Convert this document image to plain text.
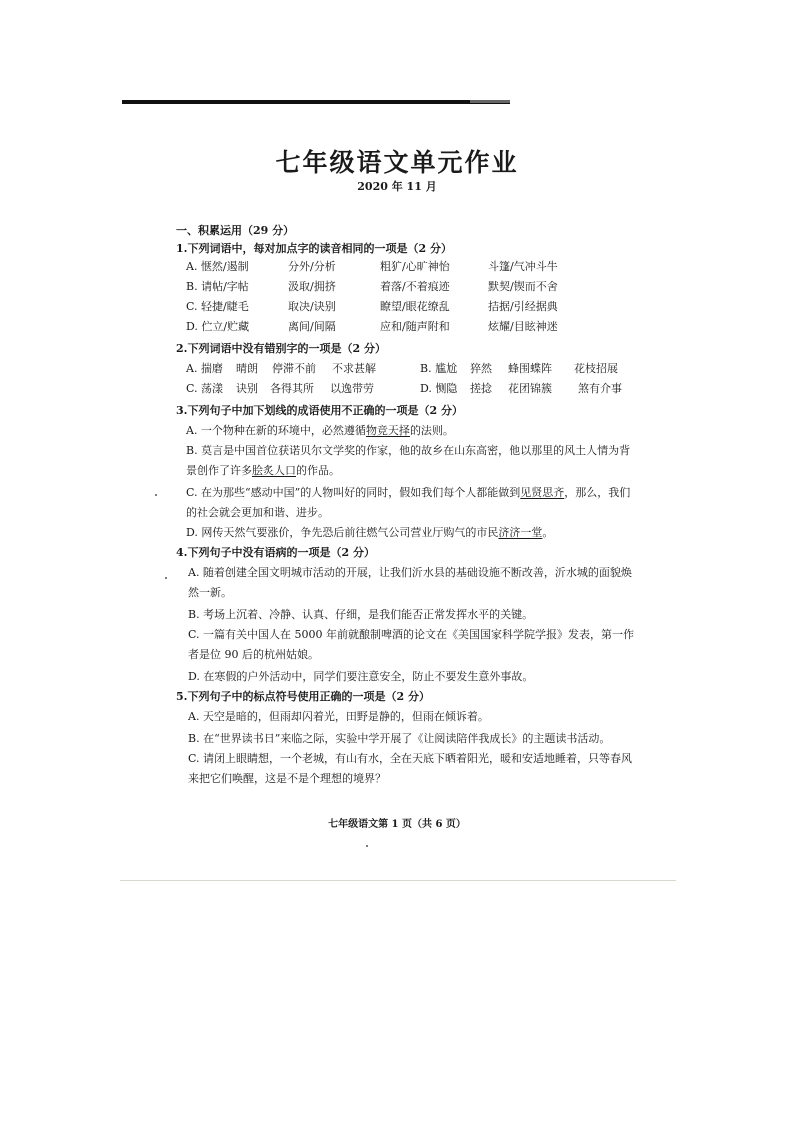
七年级语文单元作业
2020 年 11 月
一、积累运用（29 分）
1.下列词语中，每对加点字的读音相同的一项是（2 分）
A. 惬然/遏制	分外/分析	粗犷/心旷神怡	斗篷/气冲斗牛
B. 请帖/字帖	汲取/拥挤	着落/不着痕迹	默契/锲而不舍
C. 轻捷/睫毛	取决/诀别	瞭望/眼花缭乱	拮据/引经据典
D. 伫立/贮藏	离间/间隔	应和/随声附和	炫耀/目眩神迷
2.下列词语中没有错别字的一项是（2 分）
A. 揣磨 晴朗 停滞不前 不求甚解	B. 尴尬 猝然 蜂围蝶阵 花枝招展
C. 荡漾 诀别 各得其所 以逸带劳	D. 恻隐 搓捻 花团锦簇 煞有介事
3.下列句子中加下划线的成语使用不正确的一项是（2 分）
A. 一个物种在新的环境中，必然遵循物竞天择的法则。
B. 莫言是中国首位获诺贝尔文学奖的作家，他的故乡在山东高密，他以那里的风土人情为背
景创作了许多脍炙人口的作品。
C. 在为那些“感动中国”的人物叫好的同时，假如我们每个人都能做到见贤思齐，那么，我们
的社会就会更加和谐、进步。
D. 网传天然气要涨价，争先恐后前往燃气公司营业厅购气的市民济济一堂。
4.下列句子中没有语病的一项是（2 分）
A. 随着创建全国文明城市活动的开展，让我们沂水县的基础设施不断改善，沂水城的面貌焕
然一新。
B. 考场上沉着、冷静、认真、仔细，是我们能否正常发挥水平的关键。
C. 一篇有关中国人在 5000 年前就酿制啤酒的论文在《美国国家科学院学报》发表，第一作
者是位 90 后的杭州姑娘。
D. 在寒假的户外活动中，同学们要注意安全，防止不要发生意外事故。
5.下列句子中的标点符号使用正确的一项是（2 分）
A. 天空是暗的，但雨却闪着光，田野是静的，但雨在倾诉着。
B. 在“世界读书日”来临之际，实验中学开展了《让阅读陪伴我成长》的主题读书活动。
C. 请闭上眼睛想，一个老城，有山有水，全在天底下晒着阳光，暖和安适地睡着，只等春风
来把它们唤醒，这是不是个理想的境界？
七年级语文第 1 页（共 6 页）
